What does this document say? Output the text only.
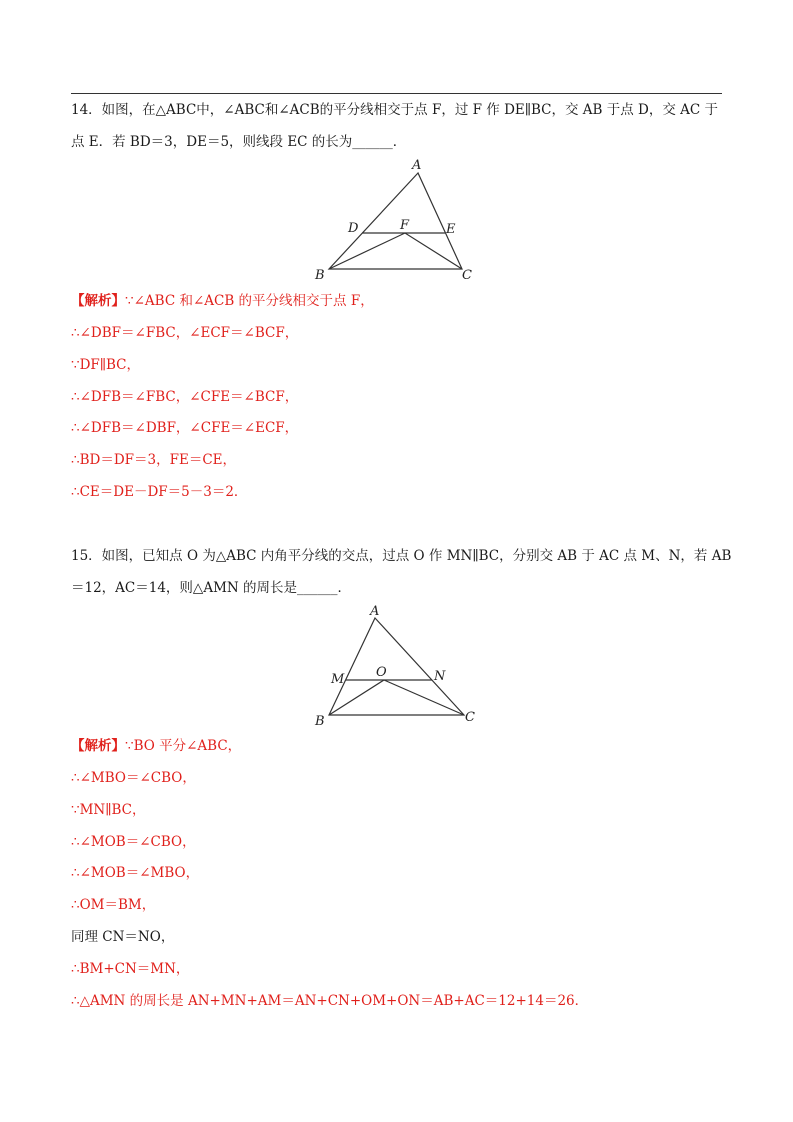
14．如图，在△ABC中，∠ABC和∠ACB的平分线相交于点 F，过 F 作 DE∥BC，交 AB 于点 D，交 AC 于
点 E．若 BD＝3，DE＝5，则线段 EC 的长为______．
A
B	C
D	E
F
【解析】∵∠ABC 和∠ACB 的平分线相交于点 F，
∴∠DBF＝∠FBC，∠ECF＝∠BCF，
∵DF∥BC，
∴∠DFB＝∠FBC，∠CFE＝∠BCF，
∴∠DFB＝∠DBF，∠CFE＝∠ECF，
∴BD＝DF＝3，FE＝CE，
∴CE＝DE－DF＝5－3＝2．
15．如图，已知点 O 为△ABC 内角平分线的交点，过点 O 作 MN∥BC，分别交 AB 于 AC 点 M、N，若 AB
＝12，AC＝14，则△AMN 的周长是______．
A
B	C
M	N
O
【解析】∵BO 平分∠ABC，
∴∠MBO＝∠CBO，
∵MN∥BC，
∴∠MOB＝∠CBO，
∴∠MOB＝∠MBO，
∴OM＝BM，
同理 CN＝NO，
∴BM+CN＝MN，
∴△AMN 的周长是 AN+MN+AM＝AN+CN+OM+ON＝AB+AC＝12+14＝26．
